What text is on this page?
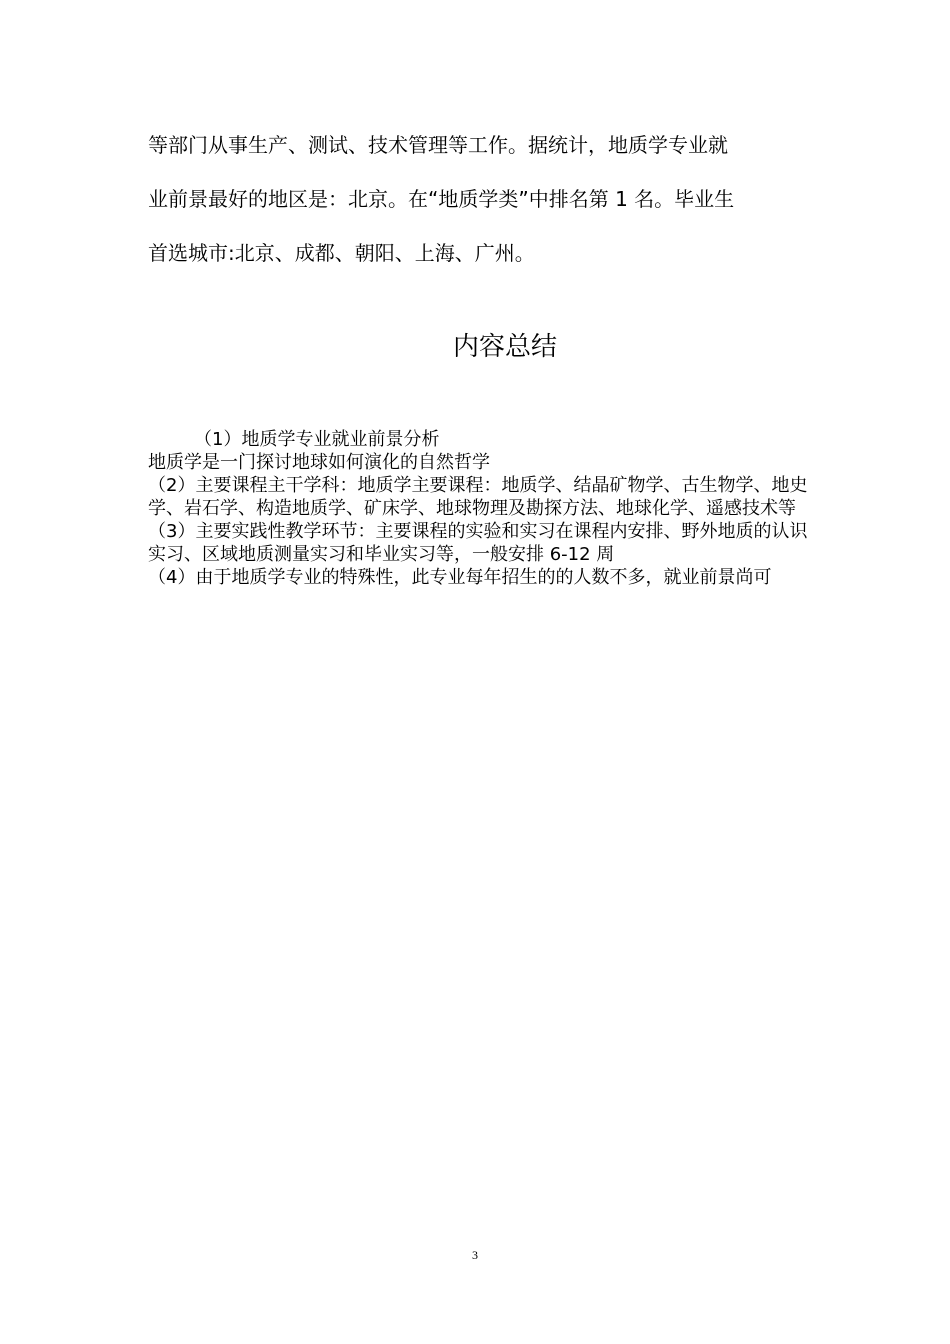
等部门从事生产、测试、技术管理等工作。据统计，地质学专业就

业前景最好的地区是：北京。在“地质学类”中排名第 1 名。毕业生

首选城市:北京、成都、朝阳、上海、广州。

内容总结

（1）地质学专业就业前景分析

地质学是一门探讨地球如何演化的自然哲学

（2）主要课程主干学科：地质学主要课程：地质学、结晶矿物学、古生物学、地史学、岩石学、构造地质学、矿床学、地球物理及勘探方法、地球化学、遥感技术等

（3）主要实践性教学环节：主要课程的实验和实习在课程内安排、野外地质的认识实习、区域地质测量实习和毕业实习等，一般安排 6-12 周

（4）由于地质学专业的特殊性，此专业每年招生的的人数不多，就业前景尚可

3
